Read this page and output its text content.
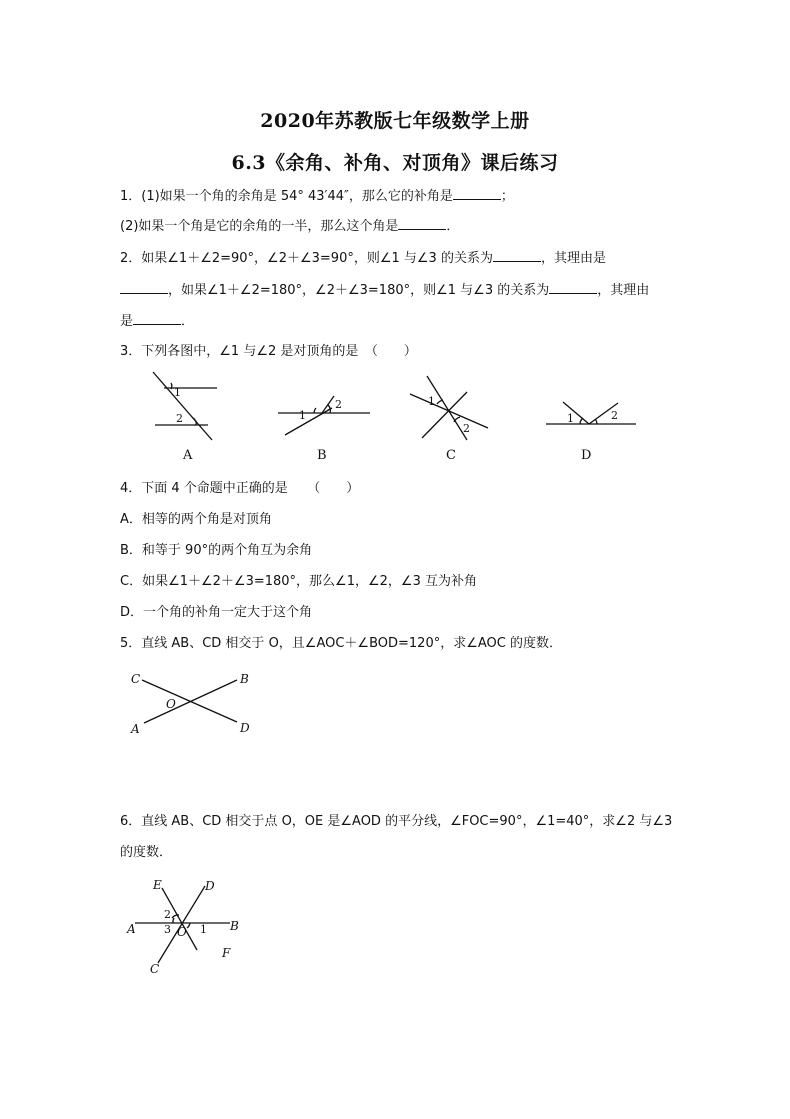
2020年苏教版七年级数学上册
6.3《余角、补角、对顶角》课后练习
1．(1)如果一个角的余角是 54° 43′44″，那么它的补角是	；
(2)如果一个角是它的余角的一半，那么这个角是	．
2．如果∠1＋∠2=90°，∠2＋∠3=90°，则∠1 与∠3 的关系为	，其理由是
，如果∠1＋∠2=180°，∠2＋∠3=180°，则∠1 与∠3 的关系为	，其理由
是	．
3．下列各图中，∠1 与∠2 是对顶角的是　（　　）
1
2
A
1
2
B
1
2
C
1	2
D
4．下面 4 个命题中正确的是　　（　　）
A．相等的两个角是对顶角
B．和等于 90°的两个角互为余角
C．如果∠1＋∠2＋∠3=180°，那么∠1，∠2，∠3 互为补角
D．一个角的补角一定大于这个角
5．直线 AB、CD 相交于 O，且∠AOC＋∠BOD=120°，求∠AOC 的度数．
C	B
O
A	D
6．直线 AB、CD 相交于点 O，OE 是∠AOD 的平分线，∠FOC=90°，∠1=40°，求∠2 与∠3
的度数．
E	D
A	B
C
F
O
2
3	1
